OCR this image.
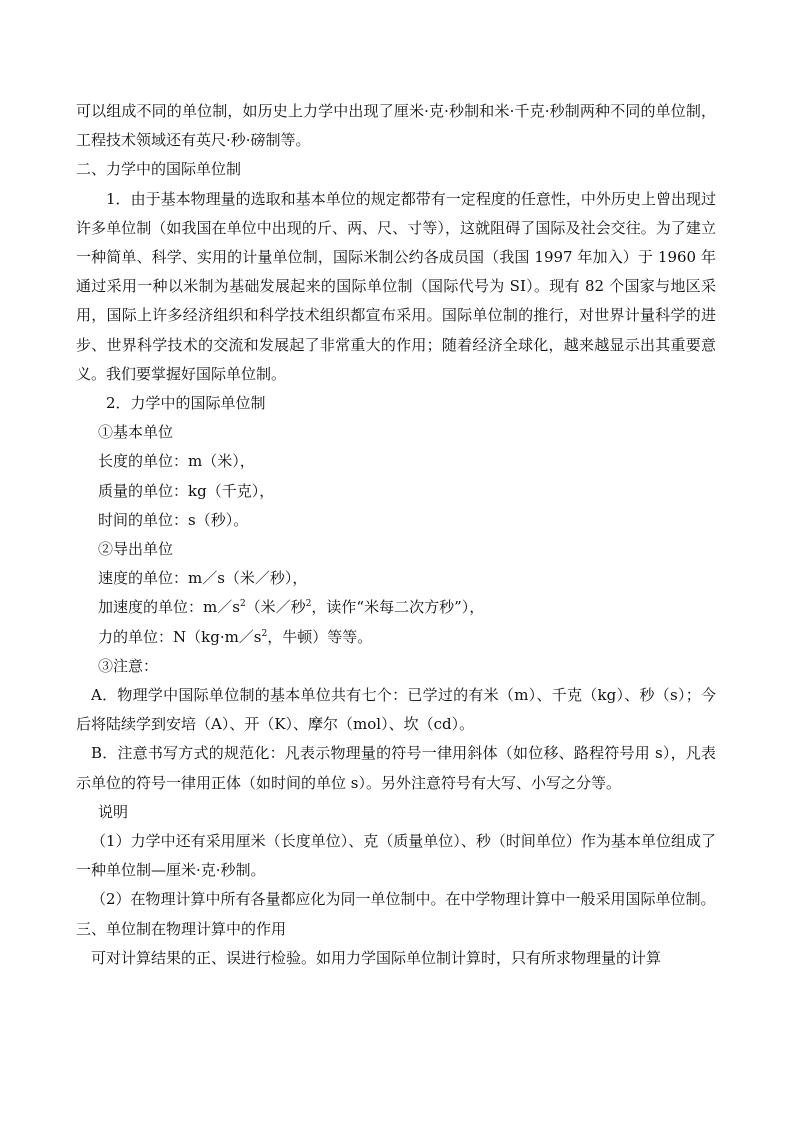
可以组成不同的单位制，如历史上力学中出现了厘米·克·秒制和米·千克·秒制两种不同的单位制，工程技术领域还有英尺·秒·磅制等。

二、力学中的国际单位制

1．由于基本物理量的选取和基本单位的规定都带有一定程度的任意性，中外历史上曾出现过许多单位制（如我国在单位中出现的斤、两、尺、寸等），这就阻碍了国际及社会交往。为了建立一种简单、科学、实用的计量单位制，国际米制公约各成员国（我国 1997 年加入）于 1960 年通过采用一种以米制为基础发展起来的国际单位制（国际代号为 SI）。现有 82 个国家与地区采用，国际上许多经济组织和科学技术组织都宣布采用。国际单位制的推行，对世界计量科学的进步、世界科学技术的交流和发展起了非常重大的作用；随着经济全球化，越来越显示出其重要意义。我们要掌握好国际单位制。

2．力学中的国际单位制

①基本单位

长度的单位：m（米），

质量的单位：kg（千克），

时间的单位：s（秒）。

②导出单位

速度的单位：m／s（米／秒），

加速度的单位：$m/s^2$（米／秒$^2$，读作“米每二次方秒”），

力的单位：$N(kg\cdot m/s^2$，牛顿）等等。

③注意：

A．物理学中国际单位制的基本单位共有七个：已学过的有米（m）、千克（kg）、秒（s）；今后将陆续学到安培（A）、开（K）、摩尔（mol）、坎（cd）。

B．注意书写方式的规范化：凡表示物理量的符号一律用斜体（如位移、路程符号用 s），凡表示单位的符号一律用正体（如时间的单位 s）。另外注意符号有大写、小写之分等。

说明

（1）力学中还有采用厘米（长度单位）、克（质量单位）、秒（时间单位）作为基本单位组成了一种单位制—厘米·克·秒制。

（2）在物理计算中所有各量都应化为同一单位制中。在中学物理计算中一般采用国际单位制。

三、单位制在物理计算中的作用

可对计算结果的正、误进行检验。如用力学国际单位制计算时，只有所求物理量的计算
